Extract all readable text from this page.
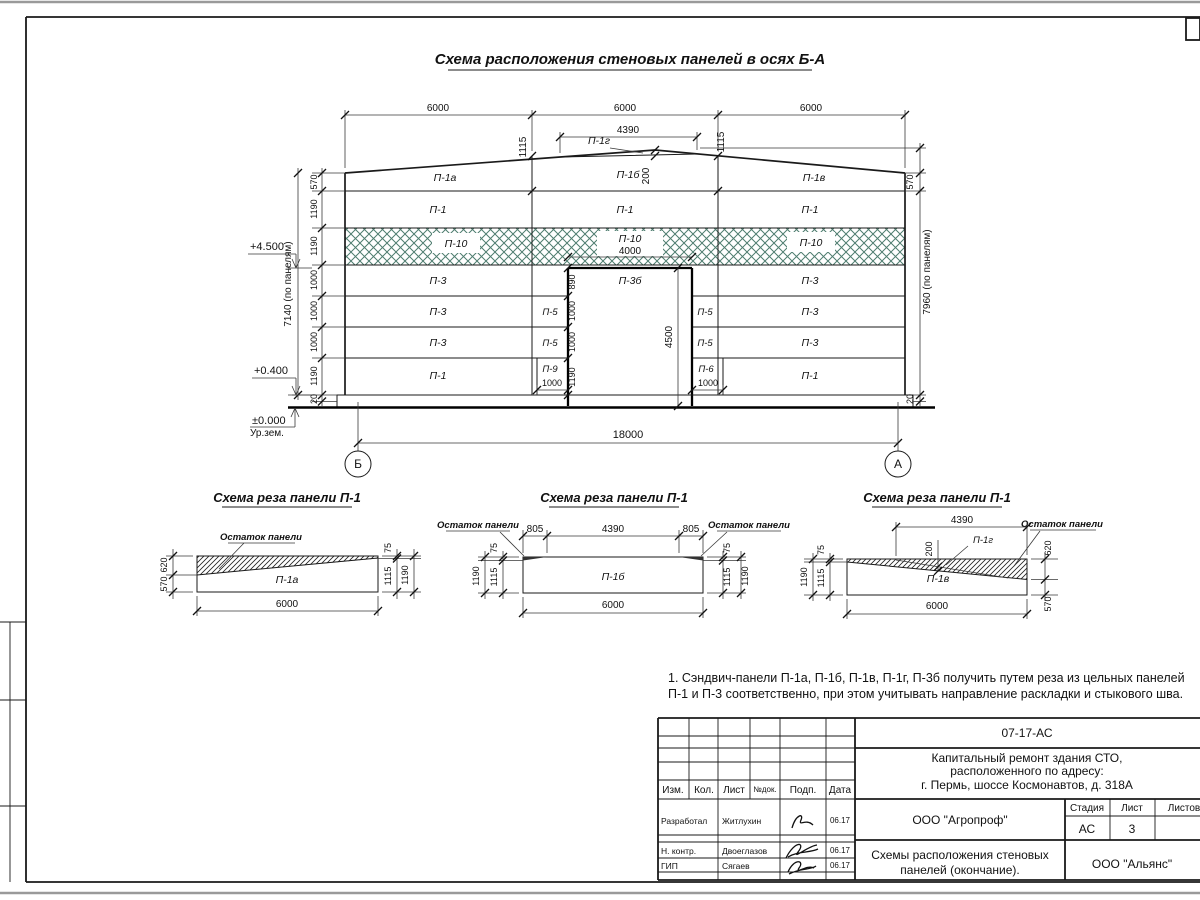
Схема расположения стеновых панелей в осях Б-А
+4.500
+0.400
±0.000
Ур.зем.
6000	6000	6000
4390
1115	1115
200
570
1190
1190
1000
1000
1000
1190
20
7140 (по панелям)
570
7960 (по панелям)
20
П-1а	П-1б	П-1в
П-1г
П-1	П-1	П-1
П-10	П-10	П-10
4000
П-3
П-3
П-3
П-3
П-3
П-3
П-5
П-5
П-5
П-5
П-3б
П-1	П-1
П-9
1000
П-6
1000
890
1000
1000
1190
4500
18000
Б	А
Схема реза панели П-1
П-1а
Остаток панели
6000
620
570
75
1115 1190
Схема реза панели П-1
П-1б
Остаток панели	Остаток панели
805	4390	805
75
1115
1190
75
1115 1190
6000
Схема реза панели П-1
П-1в
П-1г
Остаток панели
4390
200	620
570
75
1115
1190
6000
1. Сэндвич-панели П-1а, П-1б, П-1в, П-1г, П-3б получить путем реза из цельных панелей
П-1 и П-3 соответственно, при этом учитывать направление раскладки и стыкового шва.
07-17-АС
Капитальный ремонт здания СТО,
расположенного по адресу:
г. Пермь, шоссе Космонавтов, д. 318А
ООО "Агропроф"
Стадия Лист Листов
АС	3
Схемы расположения стеновых
панелей (окончание).	ООО "Альянс"
Изм. Кол. Лист №док. Подп. Дата
Разработал Житлухин	06.17
Н. контр.	Двоеглазов	06.17
ГИП	Сягаев	06.17
